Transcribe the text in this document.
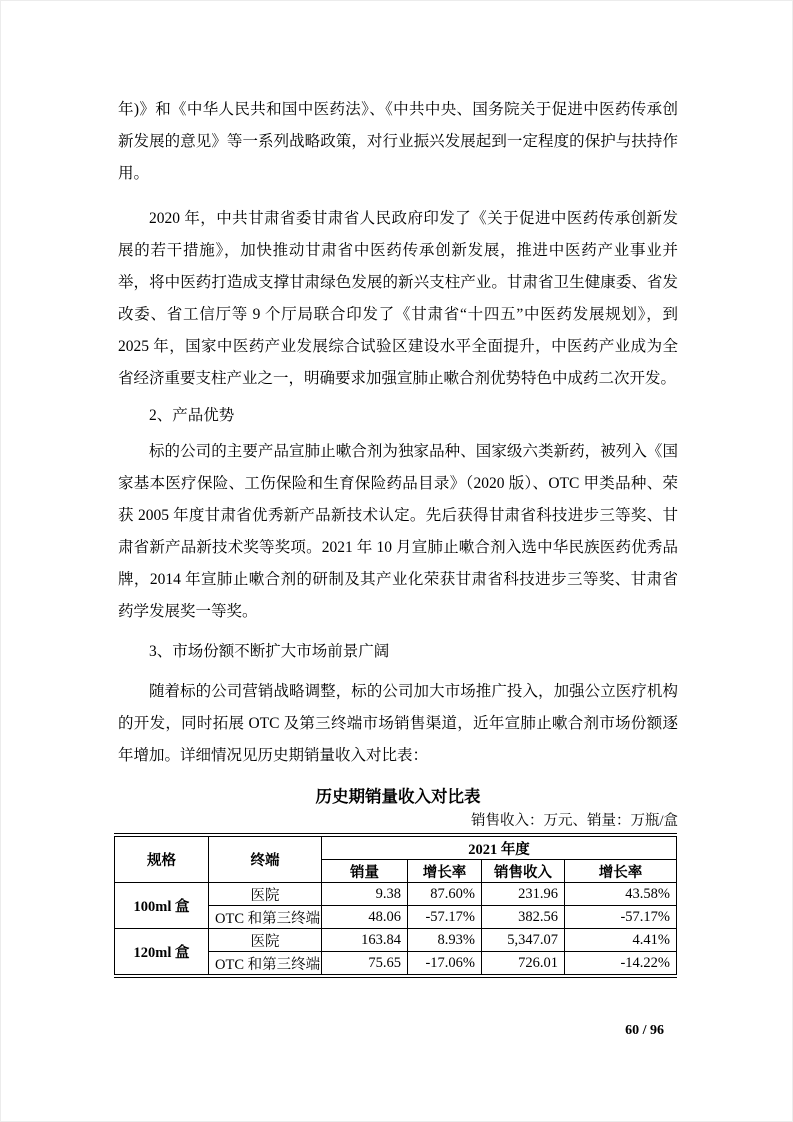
年)》和《中华人民共和国中医药法》、《中共中央、国务院关于促进中医药传承创新发展的意见》等一系列战略政策，对行业振兴发展起到一定程度的保护与扶持作用。

2020 年，中共甘肃省委甘肃省人民政府印发了《关于促进中医药传承创新发展的若干措施》，加快推动甘肃省中医药传承创新发展，推进中医药产业事业并举，将中医药打造成支撑甘肃绿色发展的新兴支柱产业。甘肃省卫生健康委、省发改委、省工信厅等 9 个厅局联合印发了《甘肃省“十四五”中医药发展规划》，到 2025 年，国家中医药产业发展综合试验区建设水平全面提升，中医药产业成为全省经济重要支柱产业之一，明确要求加强宣肺止嗽合剂优势特色中成药二次开发。

2、产品优势

标的公司的主要产品宣肺止嗽合剂为独家品种、国家级六类新药，被列入《国家基本医疗保险、工伤保险和生育保险药品目录》（2020 版）、OTC 甲类品种、荣获 2005 年度甘肃省优秀新产品新技术认定。先后获得甘肃省科技进步三等奖、甘肃省新产品新技术奖等奖项。2021 年 10 月宣肺止嗽合剂入选中华民族医药优秀品牌，2014 年宣肺止嗽合剂的研制及其产业化荣获甘肃省科技进步三等奖、甘肃省药学发展奖一等奖。

3、市场份额不断扩大市场前景广阔

随着标的公司营销战略调整，标的公司加大市场推广投入，加强公立医疗机构的开发，同时拓展 OTC 及第三终端市场销售渠道，近年宣肺止嗽合剂市场份额逐年增加。详细情况见历史期销量收入对比表：

历史期销量收入对比表
销售收入：万元、销量：万瓶/盒
规格	终端	2021 年度			
		销量	增长率	销售收入	增长率
100ml 盒	医院	9.38	87.60%	231.96	43.58%
	OTC 和第三终端	48.06	-57.17%	382.56	-57.17%
120ml 盒	医院	163.84	8.93%	5,347.07	4.41%
	OTC 和第三终端	75.65	-17.06%	726.01	-14.22%
60 / 96
